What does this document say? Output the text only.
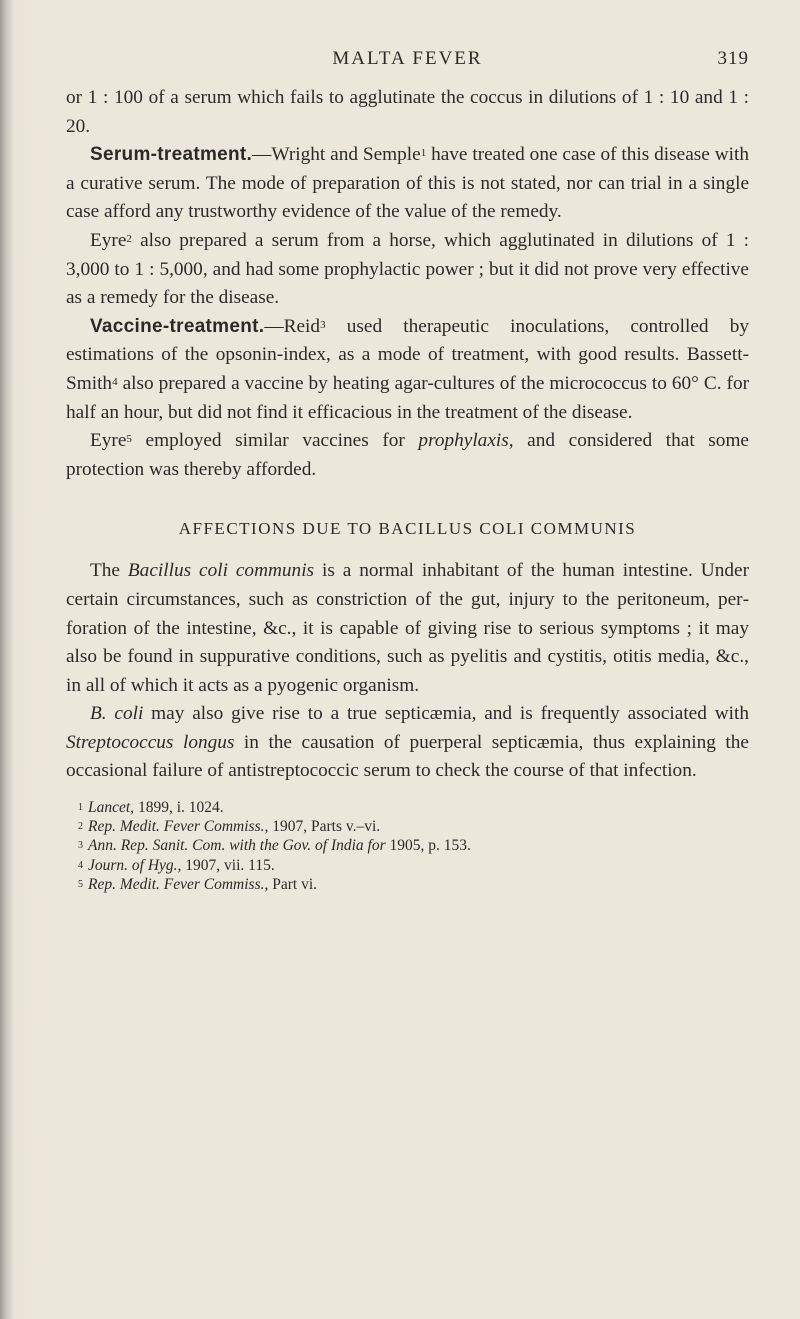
MALTA FEVER	319

or 1 : 100 of a serum which fails to agglutinate the coccus in dilutions of 1 : 10 and 1 : 20.

Serum-treatment.—Wright and Semple$^1$ have treated one case of this disease with a curative serum. The mode of preparation of this is not stated, nor can trial in a single case afford any trustworthy evidence of the value of the remedy.

Eyre$^2$ also prepared a serum from a horse, which agglutinated in dilutions of 1 : 3,000 to 1 : 5,000, and had some prophylactic power ; but it did not prove very effective as a remedy for the disease.

Vaccine-treatment.—Reid$^3$ used therapeutic inoculations, controlled by estimations of the opsonin-index, as a mode of treatment, with good results. Bassett-Smith$^4$ also prepared a vaccine by heating agar-cultures of the micrococcus to 60° C. for half an hour, but did not find it efficacious in the treatment of the disease.

Eyre$^5$ employed similar vaccines for prophylaxis, and considered that some protection was thereby afforded.

AFFECTIONS DUE TO BACILLUS COLI COMMUNIS

The Bacillus coli communis is a normal inhabitant of the human intestine. Under certain circumstances, such as constriction of the gut, injury to the peritoneum, perforation of the intestine, &c., it is capable of giving rise to serious symptoms ; it may also be found in suppurative conditions, such as pyelitis and cystitis, otitis media, &c., in all of which it acts as a pyogenic organism.

B. coli may also give rise to a true septicæmia, and is frequently associated with Streptococcus longus in the causation of puerperal septicæmia, thus explaining the occasional failure of antistreptococcic serum to check the course of that infection.

$^1$ Lancet, 1899, i. 1024.
$^2$ Rep. Medit. Fever Commiss., 1907, Parts v.–vi.
$^3$ Ann. Rep. Sanit. Com. with the Gov. of India for 1905, p. 153.
$^4$ Journ. of Hyg., 1907, vii. 115.
$^5$ Rep. Medit. Fever Commiss., Part vi.
